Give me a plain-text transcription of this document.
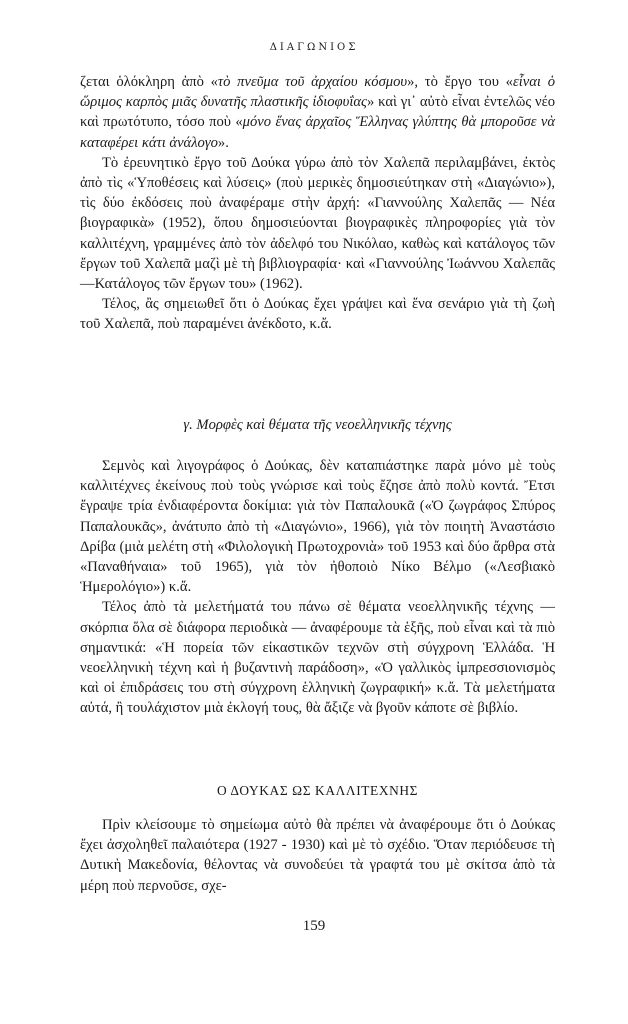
ΔΙΑΓΩΝΙΟΣ

ζεται ὁλόκληρη ἀπὸ «τὸ πνεῦμα τοῦ ἀρχαίου κόσμου», τὸ ἔργο του «εἶναι ὁ ὥριμος καρπὸς μιᾶς δυνατῆς πλαστικῆς ἰδιοφυΐας» καὶ γι᾽ αὐτὸ εἶναι ἐντελῶς νέο καὶ πρωτότυπο, τόσο ποὺ «μόνο ἕνας ἀρχαῖος Ἕλληνας γλύπτης θὰ μποροῦσε νὰ καταφέρει κάτι ἀνάλογο».

Τὸ ἐρευνητικὸ ἔργο τοῦ Δούκα γύρω ἀπὸ τὸν Χαλεπᾶ περιλαμβάνει, ἐκτὸς ἀπὸ τὶς «Ὑποθέσεις καὶ λύσεις» (ποὺ μερικὲς δημοσιεύτηκαν στὴ «Διαγώνιο»), τὶς δύο ἐκδόσεις ποὺ ἀναφέραμε στὴν ἀρχή: «Γιαννούλης Χαλεπᾶς — Νέα βιογραφικὰ» (1952), ὅπου δημοσιεύονται βιογραφικὲς πληροφορίες γιὰ τὸν καλλιτέχνη, γραμμένες ἀπὸ τὸν ἀδελφό του Νικόλαο, καθὼς καὶ κατάλογος τῶν ἔργων τοῦ Χαλεπᾶ μαζὶ μὲ τὴ βιβλιογραφία· καὶ «Γιαννούλης Ἰωάννου Χαλεπᾶς—Κατάλογος τῶν ἔργων του» (1962).

Τέλος, ἂς σημειωθεῖ ὅτι ὁ Δούκας ἔχει γράψει καὶ ἕνα σενάριο γιὰ τὴ ζωὴ τοῦ Χαλεπᾶ, ποὺ παραμένει ἀνέκδοτο, κ.ἄ.

γ. Μορφὲς καὶ θέματα τῆς νεοελληνικῆς τέχνης

Σεμνὸς καὶ λιγογράφος ὁ Δούκας, δὲν καταπιάστηκε παρὰ μόνο μὲ τοὺς καλλιτέχνες ἐκείνους ποὺ τοὺς γνώρισε καὶ τοὺς ἔζησε ἀπὸ πολὺ κοντά. Ἔτσι ἔγραψε τρία ἐνδιαφέροντα δοκίμια: γιὰ τὸν Παπαλουκᾶ («Ὁ ζωγράφος Σπύρος Παπαλουκᾶς», ἀνάτυπο ἀπὸ τὴ «Διαγώνιο», 1966), γιὰ τὸν ποιητὴ Ἀναστάσιο Δρίβα (μιὰ μελέτη στὴ «Φιλολογικὴ Πρωτοχρονιὰ» τοῦ 1953 καὶ δύο ἄρθρα στὰ «Παναθήναια» τοῦ 1965), γιὰ τὸν ἠθοποιὸ Νίκο Βέλμο («Λεσβιακὸ Ἡμερολόγιο») κ.ἄ.

Τέλος ἀπὸ τὰ μελετήματά του πάνω σὲ θέματα νεοελληνικῆς τέχνης — σκόρπια ὅλα σὲ διάφορα περιοδικὰ — ἀναφέρουμε τὰ ἑξῆς, ποὺ εἶναι καὶ τὰ πιὸ σημαντικά: «Ἡ πορεία τῶν εἰκαστικῶν τεχνῶν στὴ σύγχρονη Ἑλλάδα. Ἡ νεοελληνικὴ τέχνη καὶ ἡ βυζαντινὴ παράδοση», «Ὁ γαλλικὸς ἰμπρεσσιονισμὸς καὶ οἱ ἐπιδράσεις του στὴ σύγχρονη ἑλληνικὴ ζωγραφική» κ.ἄ. Τὰ μελετήματα αὐτά, ἢ τουλάχιστον μιὰ ἐκλογή τους, θὰ ἄξιζε νὰ βγοῦν κάποτε σὲ βιβλίο.

Ο ΔΟΥΚΑΣ ΩΣ ΚΑΛΛΙΤΕΧΝΗΣ

Πρὶν κλείσουμε τὸ σημείωμα αὐτὸ θὰ πρέπει νὰ ἀναφέρουμε ὅτι ὁ Δούκας ἔχει ἀσχοληθεῖ παλαιότερα (1927 - 1930) καὶ μὲ τὸ σχέδιο. Ὅταν περιόδευσε τὴ Δυτικὴ Μακεδονία, θέλοντας νὰ συνοδεύει τὰ γραφτά του μὲ σκίτσα ἀπὸ τὰ μέρη ποὺ περνοῦσε, σχε-

159
